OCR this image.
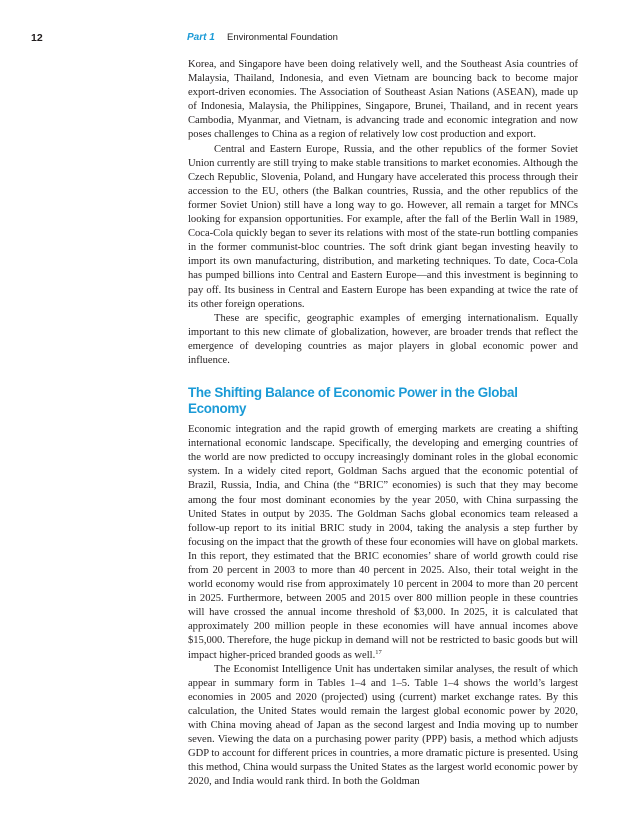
12	Part 1 Environmental Foundation

Korea, and Singapore have been doing relatively well, and the Southeast Asia countries of Malaysia, Thailand, Indonesia, and even Vietnam are bouncing back to become major export-driven economies. The Association of Southeast Asian Nations (ASEAN), made up of Indonesia, Malaysia, the Philippines, Singapore, Brunei, Thailand, and in recent years Cambodia, Myanmar, and Vietnam, is advancing trade and economic integration and now poses challenges to China as a region of relatively low cost production and export.

Central and Eastern Europe, Russia, and the other republics of the former Soviet Union currently are still trying to make stable transitions to market economies. Although the Czech Republic, Slovenia, Poland, and Hungary have accelerated this process through their accession to the EU, others (the Balkan countries, Russia, and the other republics of the former Soviet Union) still have a long way to go. However, all remain a target for MNCs looking for expansion opportunities. For example, after the fall of the Berlin Wall in 1989, Coca-Cola quickly began to sever its relations with most of the state-run bottling companies in the former communist-bloc countries. The soft drink giant began investing heavily to import its own manufacturing, distribution, and marketing techniques. To date, Coca-Cola has pumped billions into Central and Eastern Europe—and this investment is beginning to pay off. Its business in Central and Eastern Europe has been expanding at twice the rate of its other foreign operations.

These are specific, geographic examples of emerging internationalism. Equally important to this new climate of globalization, however, are broader trends that reflect the emergence of developing countries as major players in global economic power and influence.

The Shifting Balance of Economic Power in the Global Economy

Economic integration and the rapid growth of emerging markets are creating a shifting international economic landscape. Specifically, the developing and emerging countries of the world are now predicted to occupy increasingly dominant roles in the global economic system. In a widely cited report, Goldman Sachs argued that the economic potential of Brazil, Russia, India, and China (the “BRIC” economies) is such that they may become among the four most dominant economies by the year 2050, with China surpassing the United States in output by 2035. The Goldman Sachs global economics team released a follow-up report to its initial BRIC study in 2004, taking the analysis a step further by focusing on the impact that the growth of these four economies will have on global markets. In this report, they estimated that the BRIC economies’ share of world growth could rise from 20 percent in 2003 to more than 40 percent in 2025. Also, their total weight in the world economy would rise from approximately 10 percent in 2004 to more than 20 percent in 2025. Furthermore, between 2005 and 2015 over 800 million people in these countries will have crossed the annual income threshold of $3,000. In 2025, it is calculated that approximately 200 million people in these economies will have annual incomes above $15,000. Therefore, the huge pickup in demand will not be restricted to basic goods but will impact higher-priced branded goods as well.$^{17}$

The Economist Intelligence Unit has undertaken similar analyses, the result of which appear in summary form in Tables 1–4 and 1–5. Table 1–4 shows the world’s largest economies in 2005 and 2020 (projected) using (current) market exchange rates. By this calculation, the United States would remain the largest global economic power by 2020, with China moving ahead of Japan as the second largest and India moving up to number seven. Viewing the data on a purchasing power parity (PPP) basis, a method which adjusts GDP to account for different prices in countries, a more dramatic picture is presented. Using this method, China would surpass the United States as the largest world economic power by 2020, and India would rank third. In both the Goldman
